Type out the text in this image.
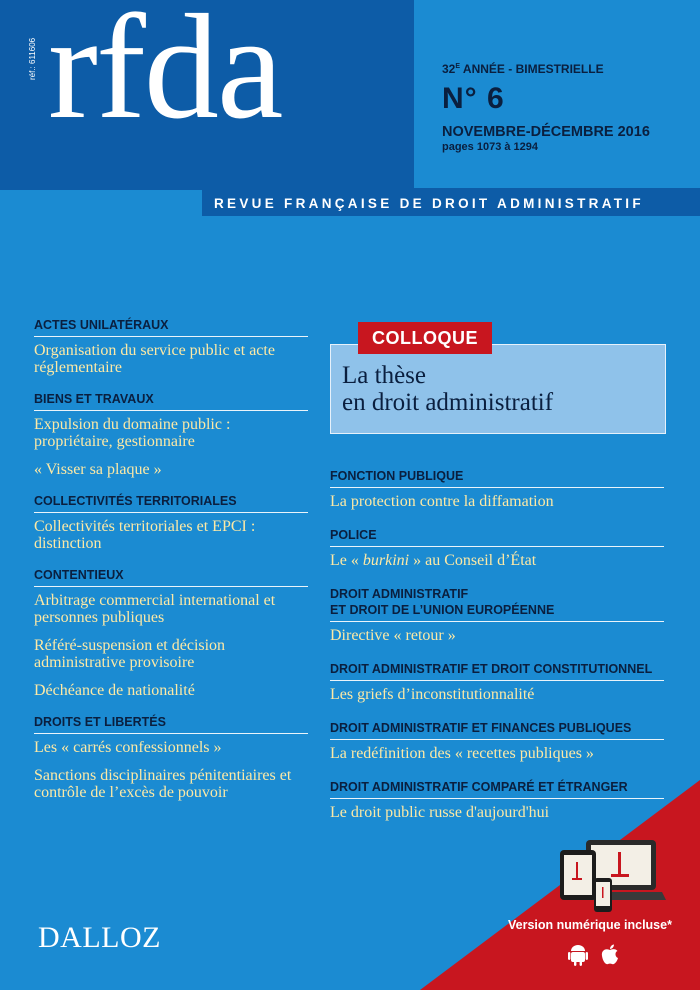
rfda
réf.: 611606	$32^E$ ANNÉE - BIMESTRIELLE
N° 6
NOVEMBRE-DÉCEMBRE 2016
pages 1073 à 1294
REVUE FRANÇAISE DE DROIT ADMINISTRATIF
ACTES UNILATÉRAUX
Organisation du service public et acte réglementaire
BIENS ET TRAVAUX
Expulsion du domaine public : propriétaire, gestionnaire
« Visser sa plaque »
COLLECTIVITÉS TERRITORIALES
Collectivités territoriales et EPCI : distinction
CONTENTIEUX
Arbitrage commercial international et personnes publiques
Référé-suspension et décision administrative provisoire
Déchéance de nationalité
DROITS ET LIBERTÉS
Les « carrés confessionnels »
Sanctions disciplinaires pénitentiaires et contrôle de l’excès de pouvoir
COLLOQUE
La thèse
en droit administratif
FONCTION PUBLIQUE
La protection contre la diffamation
POLICE
Le « burkini » au Conseil d’État
DROIT ADMINISTRATIF
ET DROIT DE L’UNION EUROPÉENNE
Directive « retour »
DROIT ADMINISTRATIF ET DROIT CONSTITUTIONNEL
Les griefs d’inconstitutionnalité
DROIT ADMINISTRATIF ET FINANCES PUBLIQUES
La redéfinition des « recettes publiques »
DROIT ADMINISTRATIF COMPARÉ ET ÉTRANGER
Le droit public russe d'aujourd'hui
DALLOZ	Version numérique incluse*
